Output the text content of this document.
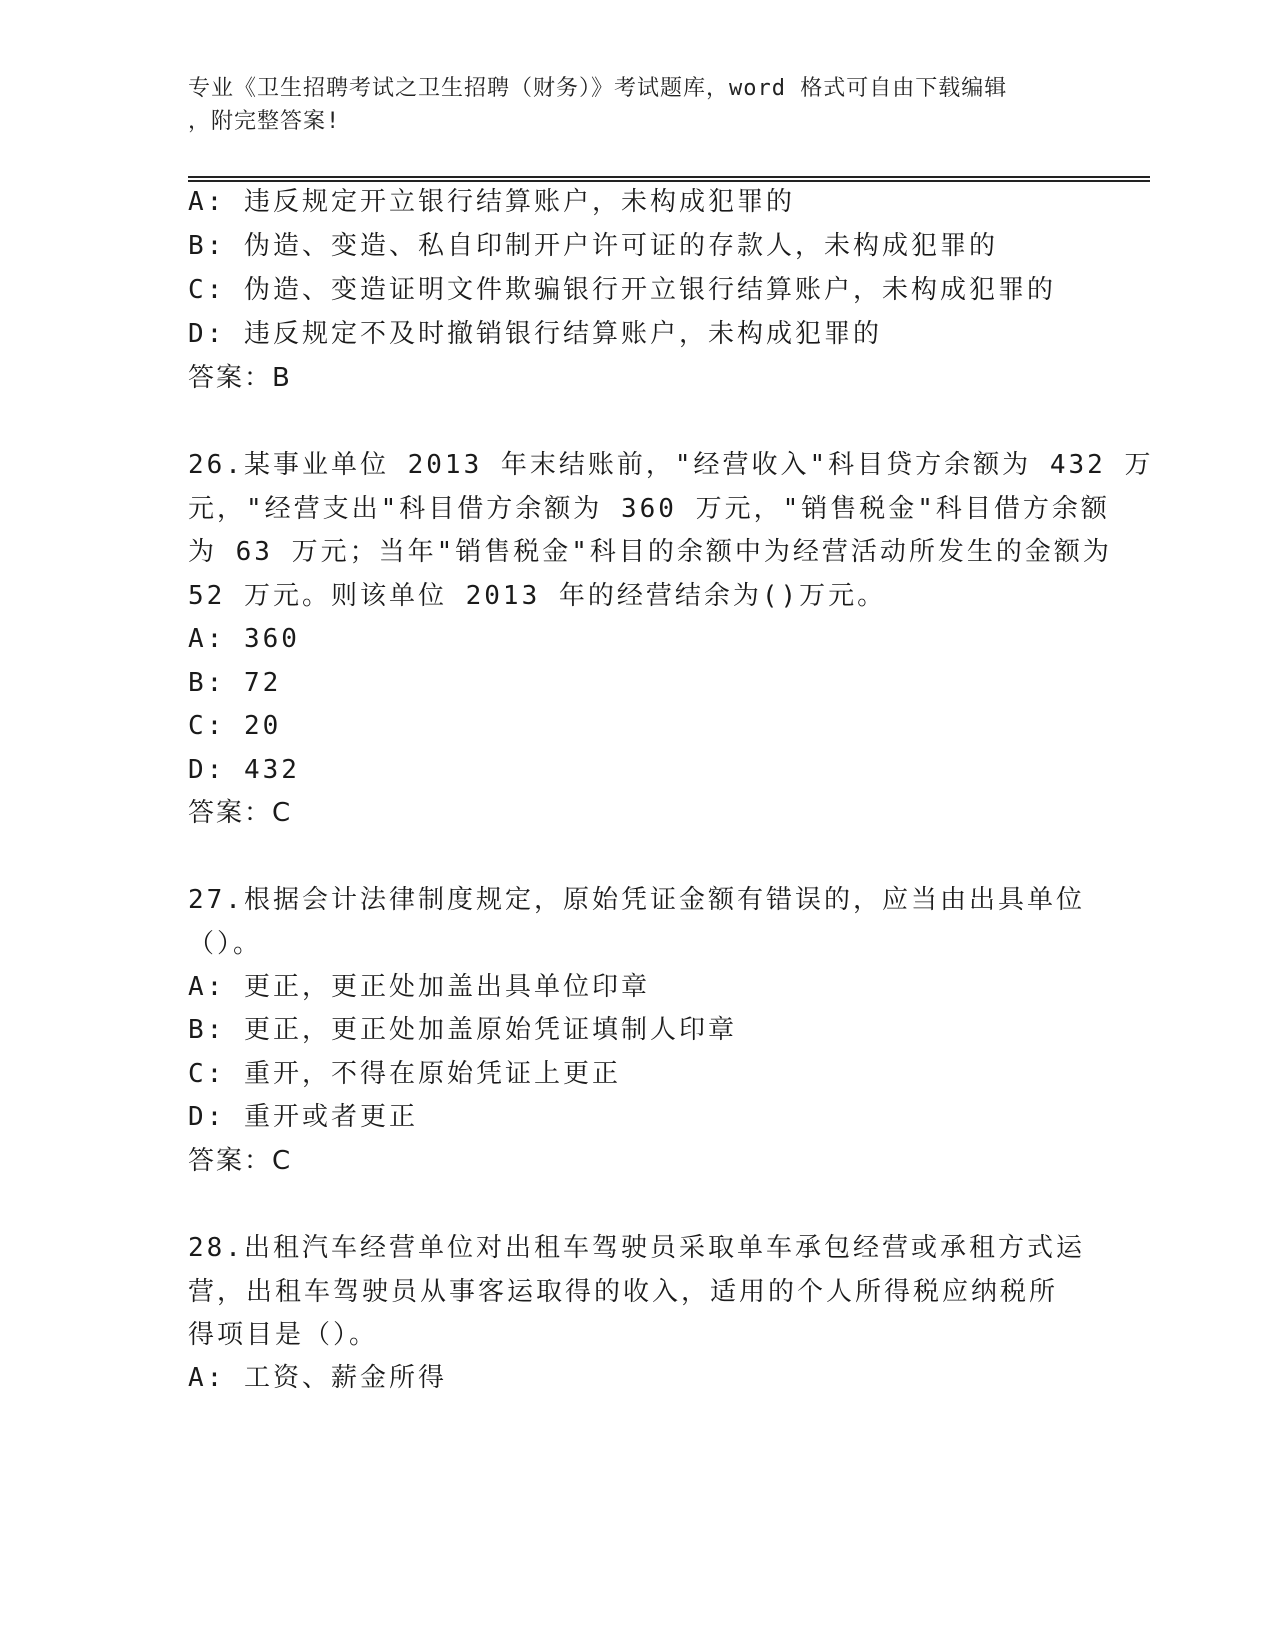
专业《卫生招聘考试之卫生招聘（财务）》考试题库，word 格式可自由下载编辑
，附完整答案!
A: 违反规定开立银行结算账户，未构成犯罪的
B: 伪造、变造、私自印制开户许可证的存款人，未构成犯罪的
C: 伪造、变造证明文件欺骗银行开立银行结算账户，未构成犯罪的
D: 违反规定不及时撤销银行结算账户，未构成犯罪的
答案：B
26.某事业单位 2013 年末结账前，"经营收入"科目贷方余额为 432 万
元，"经营支出"科目借方余额为 360 万元，"销售税金"科目借方余额
为 63 万元；当年"销售税金"科目的余额中为经营活动所发生的金额为
52 万元。则该单位 2013 年的经营结余为()万元。
A: 360
B: 72
C: 20
D: 432
答案：C
27.根据会计法律制度规定，原始凭证金额有错误的，应当由出具单位
（）。
A: 更正，更正处加盖出具单位印章
B: 更正，更正处加盖原始凭证填制人印章
C: 重开，不得在原始凭证上更正
D: 重开或者更正
答案：C
28.出租汽车经营单位对出租车驾驶员采取单车承包经营或承租方式运
营，出租车驾驶员从事客运取得的收入，适用的个人所得税应纳税所
得项目是（）。
A: 工资、薪金所得
